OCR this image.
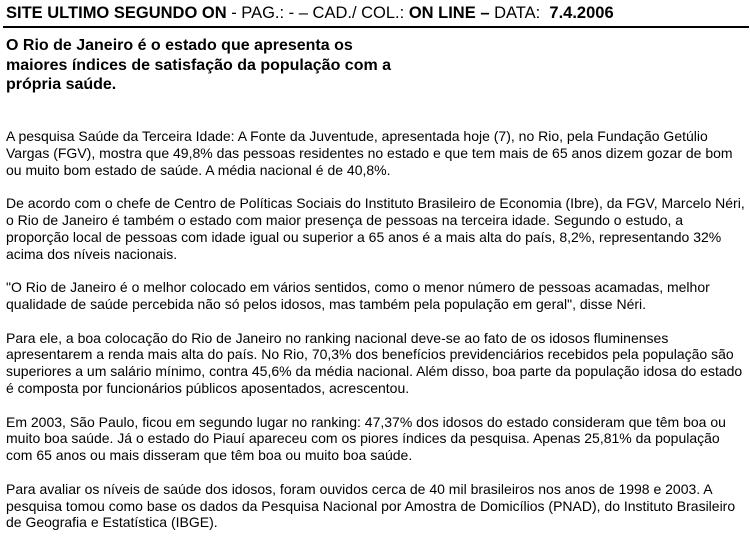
SITE ULTIMO SEGUNDO ON - PAG.: - – CAD./ COL.: ON LINE – DATA: 7.4.2006
O Rio de Janeiro é o estado que apresenta os maiores índices de satisfação da população com a própria saúde.

A pesquisa Saúde da Terceira Idade: A Fonte da Juventude, apresentada hoje (7), no Rio, pela Fundação Getúlio Vargas (FGV), mostra que 49,8% das pessoas residentes no estado e que tem mais de 65 anos dizem gozar de bom ou muito bom estado de saúde. A média nacional é de 40,8%.

De acordo com o chefe de Centro de Políticas Sociais do Instituto Brasileiro de Economia (Ibre), da FGV, Marcelo Néri, o Rio de Janeiro é também o estado com maior presença de pessoas na terceira idade. Segundo o estudo, a proporção local de pessoas com idade igual ou superior a 65 anos é a mais alta do país, 8,2%, representando 32% acima dos níveis nacionais.

"O Rio de Janeiro é o melhor colocado em vários sentidos, como o menor número de pessoas acamadas, melhor qualidade de saúde percebida não só pelos idosos, mas também pela população em geral", disse Néri.

Para ele, a boa colocação do Rio de Janeiro no ranking nacional deve-se ao fato de os idosos fluminenses apresentarem a renda mais alta do país. No Rio, 70,3% dos benefícios previdenciários recebidos pela população são superiores a um salário mínimo, contra 45,6% da média nacional. Além disso, boa parte da população idosa do estado é composta por funcionários públicos aposentados, acrescentou.

Em 2003, São Paulo, ficou em segundo lugar no ranking: 47,37% dos idosos do estado consideram que têm boa ou muito boa saúde. Já o estado do Piauí apareceu com os piores índices da pesquisa. Apenas 25,81% da população com 65 anos ou mais disseram que têm boa ou muito boa saúde.

Para avaliar os níveis de saúde dos idosos, foram ouvidos cerca de 40 mil brasileiros nos anos de 1998 e 2003. A pesquisa tomou como base os dados da Pesquisa Nacional por Amostra de Domicílios (PNAD), do Instituto Brasileiro de Geografia e Estatística (IBGE).
